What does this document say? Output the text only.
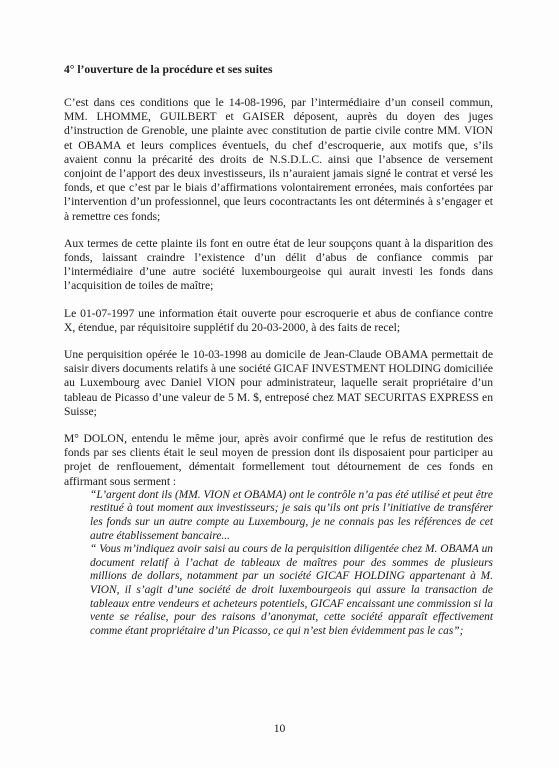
4° l’ouverture de la procédure et ses suites

C’est dans ces conditions que le 14-08-1996, par l’intermédiaire d’un conseil commun, MM. LHOMME, GUILBERT et GAISER déposent, auprès du doyen des juges d’instruction de Grenoble, une plainte avec constitution de partie civile contre MM. VION et OBAMA et leurs complices éventuels, du chef d’escroquerie, aux motifs que, s’ils avaient connu la précarité des droits de N.S.D.L.C. ainsi que l’absence de versement conjoint de l’apport des deux investisseurs, ils n’auraient jamais signé le contrat et versé les fonds, et que c’est par le biais d’affirmations volontairement erronées, mais confortées par l’intervention d’un professionnel, que leurs cocontractants les ont déterminés à s’engager et à remettre ces fonds;

Aux termes de cette plainte ils font en outre état de leur soupçons quant à la disparition des fonds, laissant craindre l’existence d’un délit d’abus de confiance commis par l’intermédiaire d’une autre société luxembourgeoise qui aurait investi les fonds dans l’acquisition de toiles de maître;

Le 01-07-1997 une information était ouverte pour escroquerie et abus de confiance contre X, étendue, par réquisitoire supplétif du 20-03-2000, à des faits de recel;

Une perquisition opérée le 10-03-1998 au domicile de Jean-Claude OBAMA permettait de saisir divers documents relatifs à une société GICAF INVESTMENT HOLDING domiciliée au Luxembourg avec Daniel VION pour administrateur, laquelle serait propriétaire d’un tableau de Picasso d’une valeur de 5 M. $, entreposé chez MAT SECURITAS EXPRESS en Suisse;

M° DOLON, entendu le même jour, après avoir confirmé que le refus de restitution des fonds par ses clients était le seul moyen de pression dont ils disposaient pour participer au projet de renflouement, démentait formellement tout détournement de ces fonds en affirmant sous serment :

“L’argent dont ils (MM. VION et OBAMA) ont le contrôle n’a pas été utilisé et peut être restitué à tout moment aux investisseurs; je sais qu’ils ont pris l’initiative de transférer les fonds sur un autre compte au Luxembourg, je ne connais pas les références de cet autre établissement bancaire...

“ Vous m’indiquez avoir saisi au cours de la perquisition diligentée chez M. OBAMA un document relatif à l’achat de tableaux de maîtres pour des sommes de plusieurs millions de dollars, notamment par un société GICAF HOLDING appartenant à M. VION, il s’agit d’une société de droit luxembourgeois qui assure la transaction de tableaux entre vendeurs et acheteurs potentiels, GICAF encaissant une commission si la vente se réalise, pour des raisons d’anonymat, cette société apparaît effectivement comme étant propriétaire d’un Picasso, ce qui n’est bien évidemment pas le cas”;

10
